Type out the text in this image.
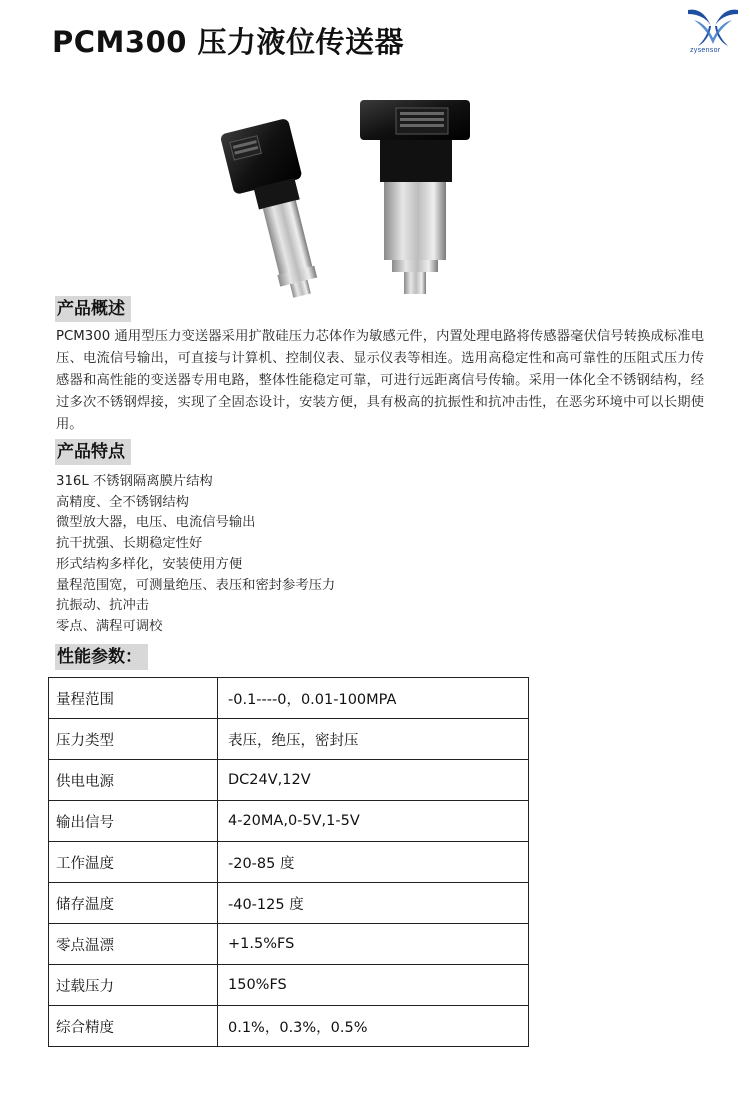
PCM300 压力液位传送器	zysensor
产品概述
PCM300 通用型压力变送器采用扩散硅压力芯体作为敏感元件，内置处理电路将传感器毫伏信号转换成标准电压、电流信号输出，可直接与计算机、控制仪表、显示仪表等相连。选用高稳定性和高可靠性的压阻式压力传感器和高性能的变送器专用电路，整体性能稳定可靠，可进行远距离信号传输。采用一体化全不锈钢结构，经过多次不锈钢焊接，实现了全固态设计，安装方便，具有极高的抗振性和抗冲击性，在恶劣环境中可以长期使用。
产品特点
316L 不锈钢隔离膜片结构
高精度、全不锈钢结构
微型放大器，电压、电流信号输出
抗干扰强、长期稳定性好
形式结构多样化，安装使用方便
量程范围宽，可测量绝压、表压和密封参考压力
抗振动、抗冲击
零点、满程可调校
性能参数：
量程范围	-0.1----0，0.01-100MPA
压力类型	表压，绝压，密封压
供电电源	DC24V,12V
输出信号	4-20MA,0-5V,1-5V
工作温度	-20-85 度
储存温度	-40-125 度
零点温漂	+1.5%FS
过载压力	150%FS
综合精度	0.1%，0.3%，0.5%
